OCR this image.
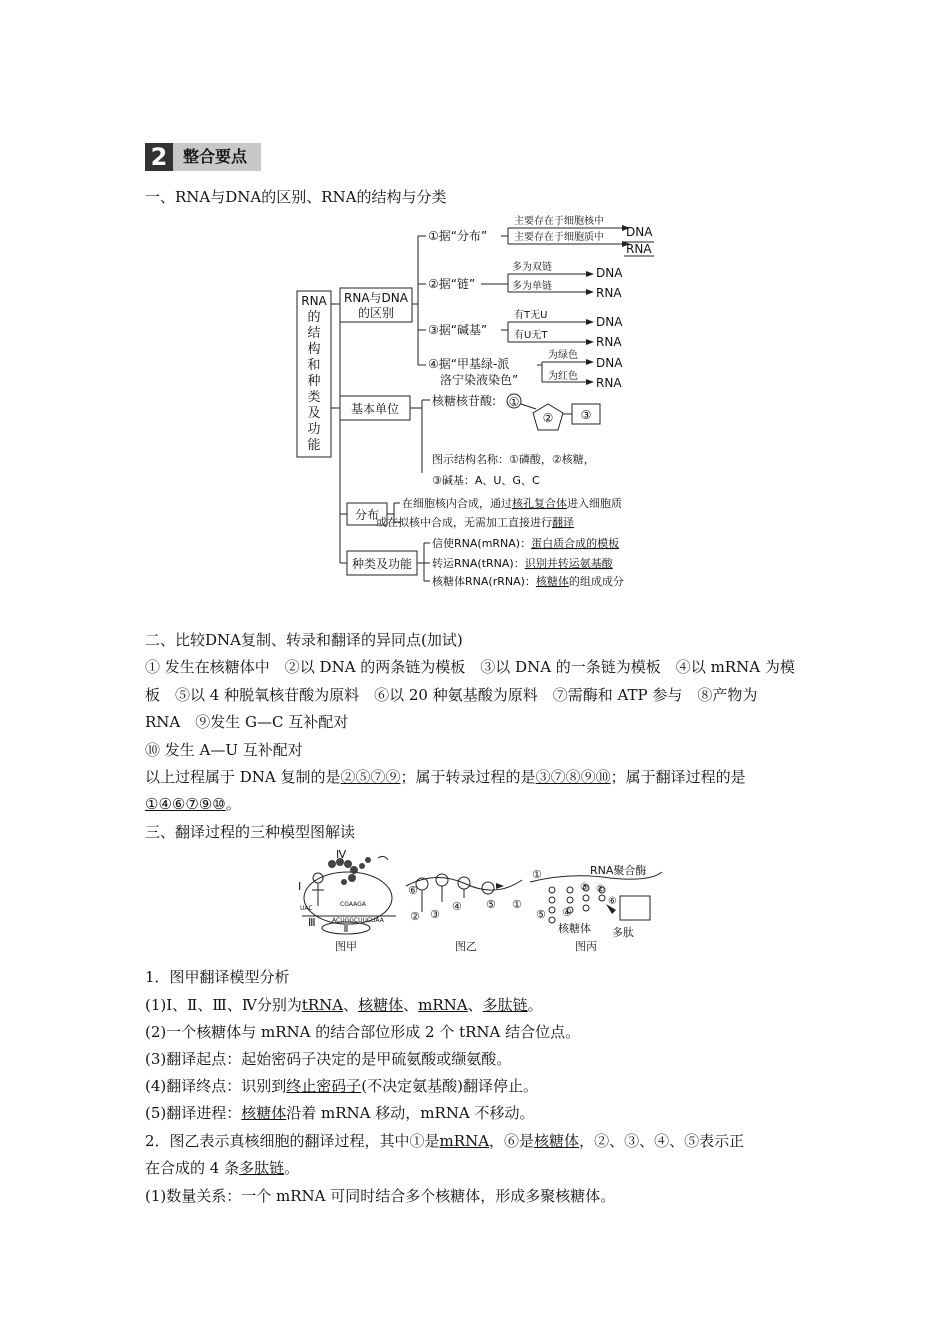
2 整合要点
一、RNA与DNA的区别、RNA的结构与分类
RNA
的
结
构
和
种
类
及
功
能
RNA与DNA
的区别
①据“分布”
主要存在于细胞核中
主要存在于细胞质中 DNA
RNA
②据“链”
多为双链
多为单链
DNA
RNA
③据“碱基”
有T无U
有U无T
DNA
RNA
④据“甲基绿-派
洛宁染液染色”
为绿色
为红色
DNA
RNA
基本单位
核糖核苷酸: ①
② ③
图示结构名称：①磷酸，②核糖，
③碱基：A、U、G、C
分布
在细胞核内合成，通过核孔复合体进入细胞质
或在拟核中合成，无需加工直接进行翻译
种类及功能
信使RNA(mRNA)：蛋白质合成的模板
转运RNA(tRNA)：识别并转运氨基酸
核糖体RNA(rRNA)：核糖体的组成成分
二、比较DNA复制、转录和翻译的异同点(加试)
① 发生在核糖体中　②以 DNA 的两条链为模板　③以 DNA 的一条链为模板　④以 mRNA 为模
板　⑤以 4 种脱氧核苷酸为原料　⑥以 20 种氨基酸为原料　⑦需酶和 ATP 参与　⑧产物为
RNA　⑨发生 G—C 互补配对
⑩ 发生 A—U 互补配对
以上过程属于 DNA 复制的是②⑤⑦⑨；属于转录过程的是③⑦⑧⑨⑩；属于翻译过程的是
①④⑥⑦⑨⑩。
三、翻译过程的三种模型图解读
Ⅳ
Ⅰ
Ⅱ
Ⅲ
UAC
CGAAGA
ACUGGCUUCUAA
图甲
⑥
② ③
④ ⑤ ①
图乙
RNA聚合酶
①
⑤ ④
③ ②
⑥
核糖体 多肽
图丙
1．图甲翻译模型分析
(1)Ⅰ、Ⅱ、Ⅲ、Ⅳ分别为tRNA、核糖体、mRNA、多肽链。
(2)一个核糖体与 mRNA 的结合部位形成 2 个 tRNA 结合位点。
(3)翻译起点：起始密码子决定的是甲硫氨酸或缬氨酸。
(4)翻译终点：识别到终止密码子(不决定氨基酸)翻译停止。
(5)翻译进程：核糖体沿着 mRNA 移动，mRNA 不移动。
2．图乙表示真核细胞的翻译过程，其中①是mRNA，⑥是核糖体，②、③、④、⑤表示正
在合成的 4 条多肽链。
(1)数量关系：一个 mRNA 可同时结合多个核糖体，形成多聚核糖体。
